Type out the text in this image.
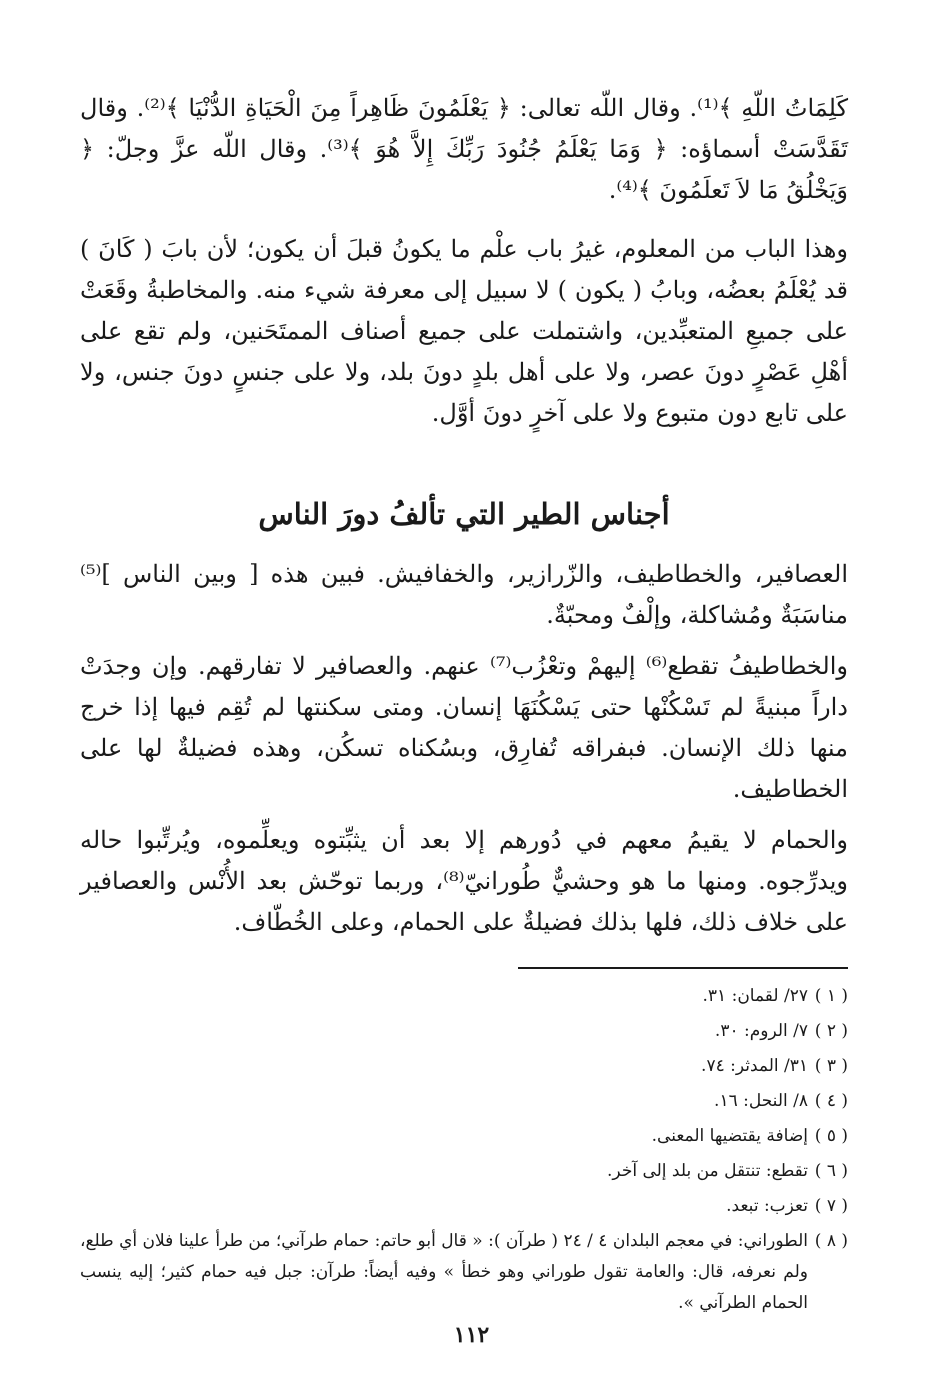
كَلِمَاتُ اللّهِ ﴾⁽¹⁾. وقال اللّه تعالى: ﴿ يَعْلَمُونَ ظَاهِراً مِنَ الْحَيَاةِ الدُّنْيَا ﴾⁽²⁾. وقال تَقَدَّسَتْ أسماؤه: ﴿ وَمَا يَعْلَمُ جُنُودَ رَبِّكَ إِلاَّ هُوَ ﴾⁽³⁾. وقال اللّه عزَّ وجلّ: ﴿ وَيَخْلُقُ مَا لاَ تَعلَمُونَ ﴾⁽⁴⁾.

وهذا الباب من المعلوم، غيرُ باب علْم ما يكونُ قبلَ أن يكون؛ لأن بابَ ( كَانَ ) قد يُعْلَمُ بعضُه، وبابُ ( يكون ) لا سبيل إلى معرفة شيء منه. والمخاطبةُ وقَعَتْ على جميعِ المتعبِّدين، واشتملت على جميع أصناف الممتَحَنين، ولم تقع على أهْلِ عَصْرٍ دونَ عصر، ولا على أهل بلدٍ دونَ بلد، ولا على جنسٍ دونَ جنس، ولا على تابع دون متبوع ولا على آخرٍ دونَ أوَّل.

أجناس الطير التي تألفُ دورَ الناس

العصافير، والخطاطيف، والزّرازير، والخفافيش. فبين هذه [ وبين الناس ]⁽⁵⁾ مناسَبَةٌ ومُشاكلة، وإلْفٌ ومحبّةٌ.

والخطاطيفُ تقطع⁽⁶⁾ إليهمْ وتعْزُب⁽⁷⁾ عنهم. والعصافير لا تفارقهم. وإن وجدَتْ داراً مبنيةً لم تَسْكُنْها حتى يَسْكُنَهَا إنسان. ومتى سكنتها لم تُقِم فيها إذا خرج منها ذلك الإنسان. فبفراقه تُفارِق، وبسُكناه تسكُن، وهذه فضيلةٌ لها على الخطاطيف.

والحمام لا يقيمُ معهم في دُورهم إلا بعد أن يثبِّتوه ويعلِّموه، ويُرتِّبوا حاله ويدرِّجوه. ومنها ما هو وحشيٌّ طُورانيّ⁽⁸⁾، وربما توحّش بعد الأُنْس والعصافير على خلاف ذلك، فلها بذلك فضيلةٌ على الحمام، وعلى الخُطّاف.

( ١ )
٢٧/ لقمان: ٣١.
( ٢ )
٧/ الروم: ٣٠.
( ٣ )
٣١/ المدثر: ٧٤.
( ٤ )
٨/ النحل: ١٦.
( ٥ )
إضافة يقتضيها المعنى.
( ٦ )
تقطع: تنتقل من بلد إلى آخر.
( ٧ )
تعزب: تبعد.
( ٨ )
الطوراني: في معجم البلدان ٤ / ٢٤ ( طرآن ): « قال أبو حاتم: حمام طرآني؛ من طرأ علينا فلان أي طلع، ولم نعرفه، قال: والعامة تقول طوراني وهو خطأ » وفيه أيضاً: طرآن: جبل فيه حمام كثير؛ إليه ينسب الحمام الطرآني ».
١١٢
